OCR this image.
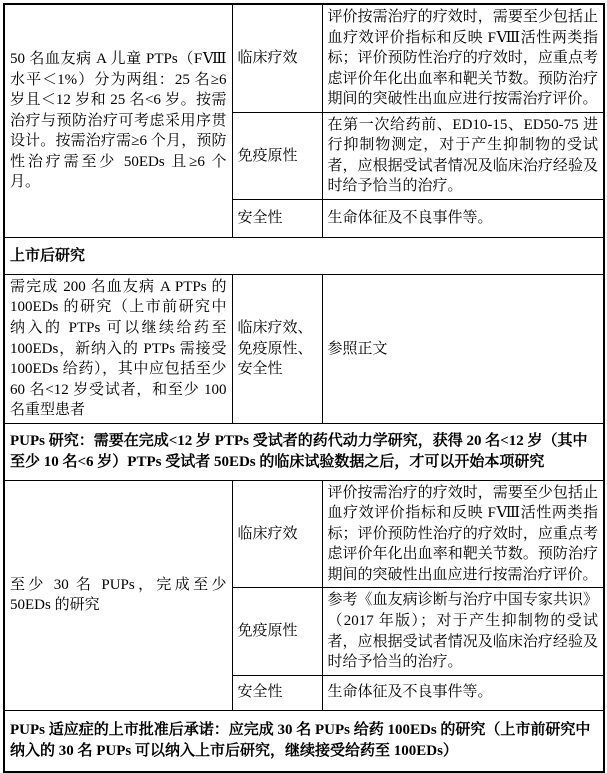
50 名血友病 A 儿童 PTPs（FⅧ水平＜1%）分为两组：25 名≥6 岁且＜12 岁和 25 名<6 岁。按需治疗与预防治疗可考虑采用序贯设计。按需治疗需≥6 个月，预防性治疗需至少 50EDs 且≥6 个月。	临床疗效	评价按需治疗的疗效时，需要至少包括止血疗效评价指标和反映 FⅧ活性两类指标；评价预防性治疗的疗效时，应重点考虑评价年化出血率和靶关节数。预防治疗期间的突破性出血应进行按需治疗评价。
	免疫原性	在第一次给药前、ED10-15、ED50-75 进行抑制物测定，对于产生抑制物的受试者，应根据受试者情况及临床治疗经验及时给予恰当的治疗。
	安全性	生命体征及不良事件等。
上市后研究		
需完成 200 名血友病 A PTPs 的 100EDs 的研究（上市前研究中纳入的 PTPs 可以继续给药至 100EDs，新纳入的 PTPs 需接受 100EDs 给药），其中应包括至少 60 名<12 岁受试者，和至少 100 名重型患者	临床疗效、免疫原性、安全性	参照正文
PUPs 研究：需要在完成<12 岁 PTPs 受试者的药代动力学研究，获得 20 名<12 岁（其中至少 10 名<6 岁）PTPs 受试者 50EDs 的临床试验数据之后，才可以开始本项研究		
至少 30 名 PUPs，完成至少 50EDs 的研究	临床疗效	评价按需治疗的疗效时，需要至少包括止血疗效评价指标和反映 FⅧ活性两类指标；评价预防性治疗的疗效时，应重点考虑评价年化出血率和靶关节数。预防治疗期间的突破性出血应进行按需治疗评价。
	免疫原性	参考《血友病诊断与治疗中国专家共识》（2017 年版）；对于产生抑制物的受试者，应根据受试者情况及临床治疗经验及时给予恰当的治疗。
	安全性	生命体征及不良事件等。
PUPs 适应症的上市批准后承诺：应完成 30 名 PUPs 给药 100EDs 的研究（上市前研究中纳入的 30 名 PUPs 可以纳入上市后研究，继续接受给药至 100EDs）		
